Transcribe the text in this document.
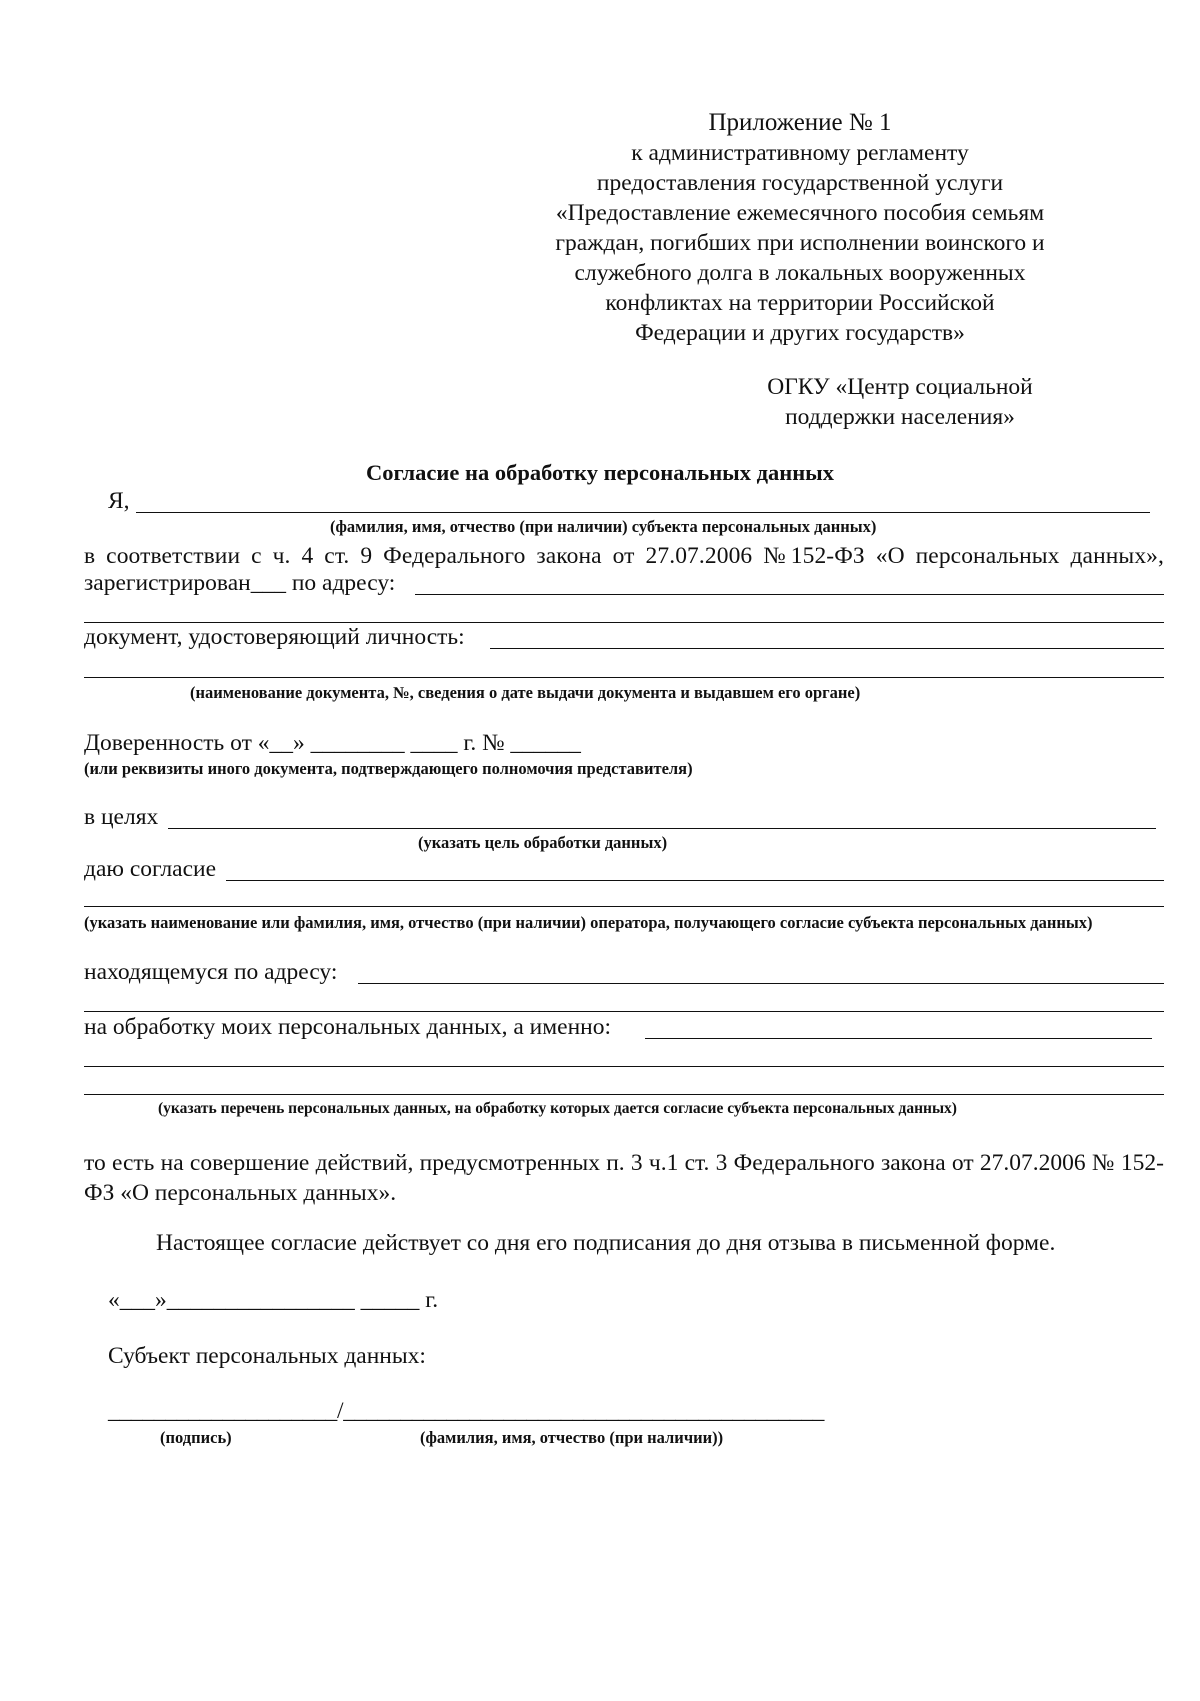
Приложение № 1
к административному регламенту
предоставления государственной услуги
«Предоставление ежемесячного пособия семьям
граждан, погибших при исполнении воинского и
служебного долга в локальных вооруженных
конфликтах на территории Российской
Федерации и других государств»
ОГКУ «Центр социальной
поддержки населения»
Согласие на обработку персональных данных
Я,
(фамилия, имя, отчество (при наличии) субъекта персональных данных)
в соответствии с ч. 4 ст. 9 Федерального закона от 27.07.2006 №152-ФЗ «О персональных данных»,
зарегистрирован___ по адресу:
документ, удостоверяющий личность:
(наименование документа, №, сведения о дате выдачи документа и выдавшем его органе)
Доверенность от «__» ________ ____ г. № ______
(или реквизиты иного документа, подтверждающего полномочия представителя)
в целях
(указать цель обработки данных)
даю согласие
(указать наименование или фамилия, имя, отчество (при наличии) оператора, получающего согласие субъекта персональных данных)
находящемуся по адресу:
на обработку моих персональных данных, а именно:
(указать перечень персональных данных, на обработку которых дается согласие субъекта персональных данных)
то есть на совершение действий, предусмотренных п. 3 ч.1 ст. 3 Федерального закона от 27.07.2006 № 152-ФЗ «О персональных данных».
Настоящее согласие действует со дня его подписания до дня отзыва в письменной форме.
«___»________________ _____ г.
Субъект персональных данных:
____________________/__________________________________________
(подпись)	(фамилия, имя, отчество (при наличии))
